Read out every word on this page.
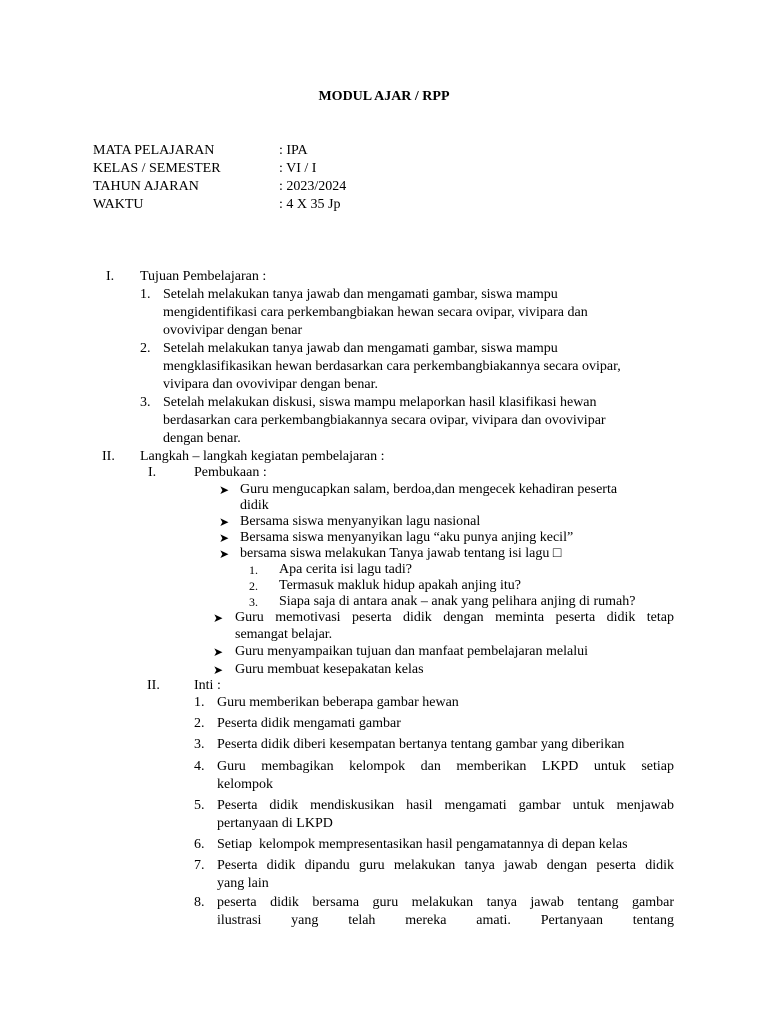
MODUL AJAR / RPP
MATA PELAJARAN	: IPA
KELAS / SEMESTER	: VI / I
TAHUN AJARAN	: 2023/2024
WAKTU	: 4 X 35 Jp
I. Tujuan Pembelajaran :
1. Setelah melakukan tanya jawab dan mengamati gambar, siswa mampu
mengidentifikasi cara perkembangbiakan hewan secara ovipar, vivipara dan
ovovivipar dengan benar
2. Setelah melakukan tanya jawab dan mengamati gambar, siswa mampu
mengklasifikasikan hewan berdasarkan cara perkembangbiakannya secara ovipar,
vivipara dan ovovivipar dengan benar.
3. Setelah melakukan diskusi, siswa mampu melaporkan hasil klasifikasi hewan
berdasarkan cara perkembangbiakannya secara ovipar, vivipara dan ovovivipar
dengan benar.
II. Langkah – langkah kegiatan pembelajaran :
I.	Pembukaan :
➤ Guru mengucapkan salam, berdoa,dan mengecek kehadiran peserta
didik
➤ Bersama siswa menyanyikan lagu nasional
➤ Bersama siswa menyanyikan lagu “aku punya anjing kecil”
➤ bersama siswa melakukan Tanya jawab tentang isi lagu □
1. Apa cerita isi lagu tadi?
2. Termasuk makluk hidup apakah anjing itu?
3. Siapa saja di antara anak – anak yang pelihara anjing di rumah?
➤ Guru memotivasi peserta didik dengan meminta peserta didik tetap
semangat belajar.
➤ Guru menyampaikan tujuan dan manfaat pembelajaran melalui
➤ Guru membuat kesepakatan kelas
II. Inti :
1. Guru memberikan beberapa gambar hewan
2. Peserta didik mengamati gambar
3. Peserta didik diberi kesempatan bertanya tentang gambar yang diberikan
4. Guru membagikan kelompok dan memberikan LKPD untuk setiap
kelompok
5. Peserta didik mendiskusikan hasil mengamati gambar untuk menjawab
pertanyaan di LKPD
6. Setiap  kelompok mempresentasikan hasil pengamatannya di depan kelas
7. Peserta didik dipandu guru melakukan tanya jawab dengan peserta didik
yang lain
8. peserta didik bersama guru melakukan tanya jawab tentang gambar
ilustrasi yang telah mereka amati. Pertanyaan tentang
